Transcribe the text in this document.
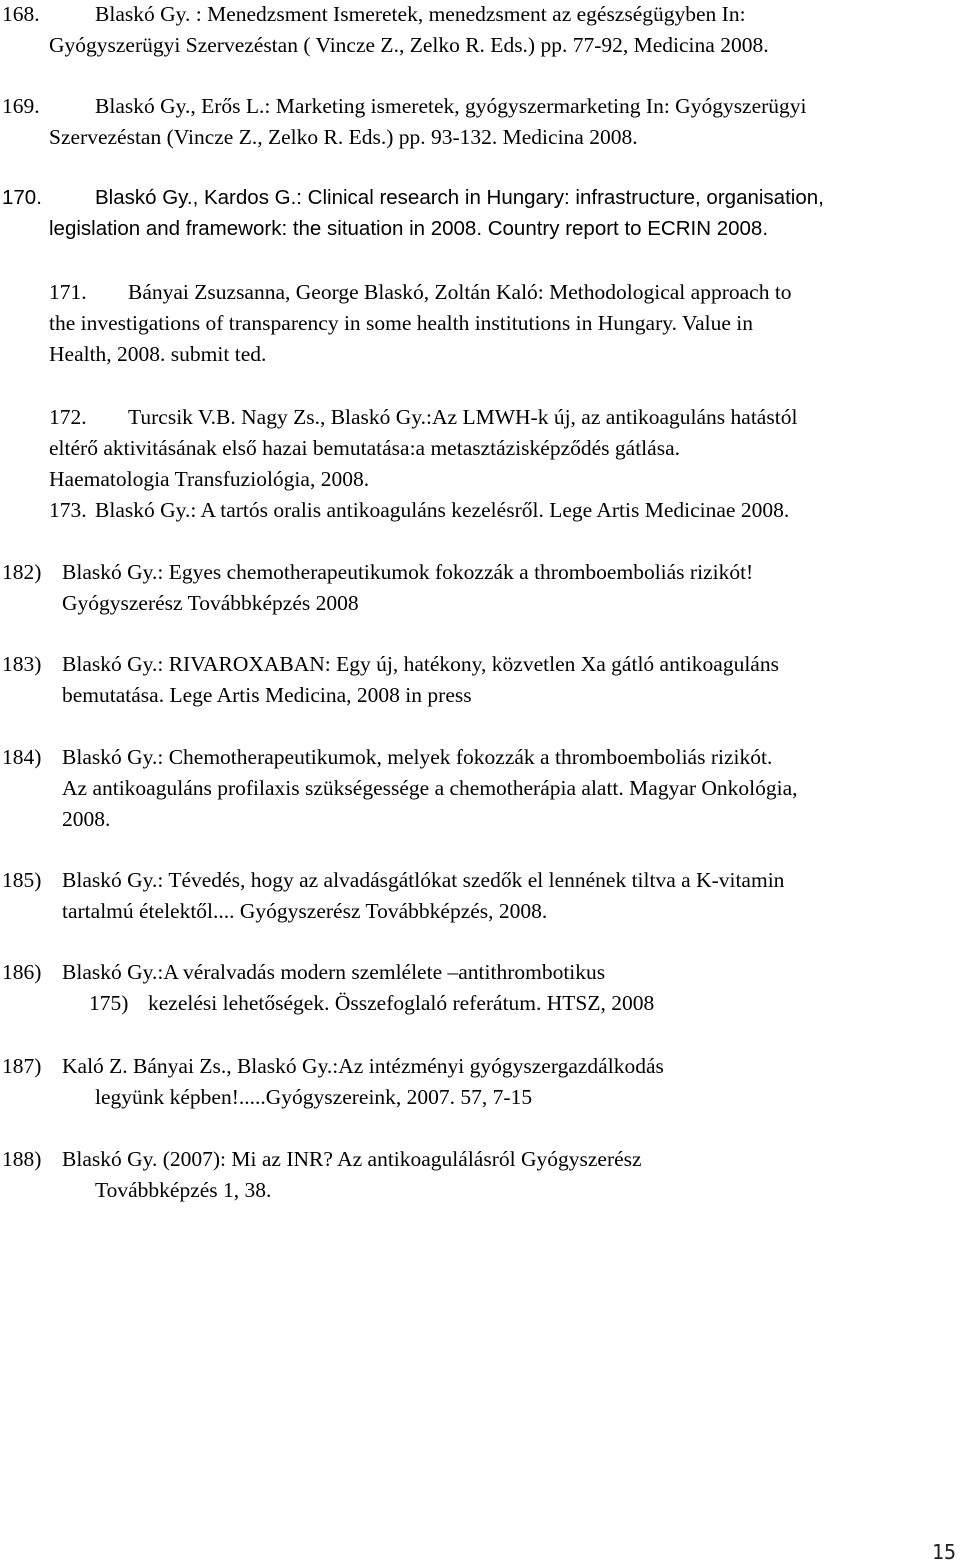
168.	Blaskó Gy. : Menedzsment Ismeretek, menedzsment az egészségügyben In:
Gyógyszerügyi Szervezéstan ( Vincze Z., Zelko R. Eds.) pp. 77-92, Medicina 2008.
169.	Blaskó Gy., Erős L.: Marketing ismeretek, gyógyszermarketing In: Gyógyszerügyi
Szervezéstan (Vincze Z., Zelko R. Eds.) pp. 93-132. Medicina 2008.
170.	Blaskó Gy., Kardos G.: Clinical research in Hungary: infrastructure, organisation,
legislation and framework: the situation in 2008. Country report to ECRIN 2008.
171. Bányai Zsuzsanna, George Blaskó, Zoltán Kaló: Methodological approach to
the investigations of transparency in some health institutions in Hungary. Value in
Health, 2008. submit ted.
172. Turcsik V.B. Nagy Zs., Blaskó Gy.:Az LMWH-k új, az antikoaguláns hatástól
eltérő aktivitásának első hazai bemutatása:a metasztázisképződés gátlása.
Haematologia Transfuziológia, 2008.
173. Blaskó Gy.: A tartós oralis antikoaguláns kezelésről. Lege Artis Medicinae 2008.
182) Blaskó Gy.: Egyes chemotherapeutikumok fokozzák a thromboemboliás rizikót!
Gyógyszerész Továbbképzés 2008
183) Blaskó Gy.: RIVAROXABAN: Egy új, hatékony, közvetlen Xa gátló antikoaguláns
bemutatása. Lege Artis Medicina, 2008 in press
184) Blaskó Gy.: Chemotherapeutikumok, melyek fokozzák a thromboemboliás rizikót.
Az antikoaguláns profilaxis szükségessége a chemotherápia alatt. Magyar Onkológia,
2008.
185) Blaskó Gy.: Tévedés, hogy az alvadásgátlókat szedők el lennének tiltva a K-vitamin
tartalmú ételektől.... Gyógyszerész Továbbképzés, 2008.
186) Blaskó Gy.:A véralvadás modern szemlélete –antithrombotikus
175) kezelési lehetőségek. Összefoglaló referátum. HTSZ, 2008
187) Kaló Z. Bányai Zs., Blaskó Gy.:Az intézményi gyógyszergazdálkodás
legyünk képben!.....Gyógyszereink, 2007. 57, 7-15
188) Blaskó Gy. (2007): Mi az INR? Az antikoagulálásról Gyógyszerész
Továbbképzés 1, 38.
15
